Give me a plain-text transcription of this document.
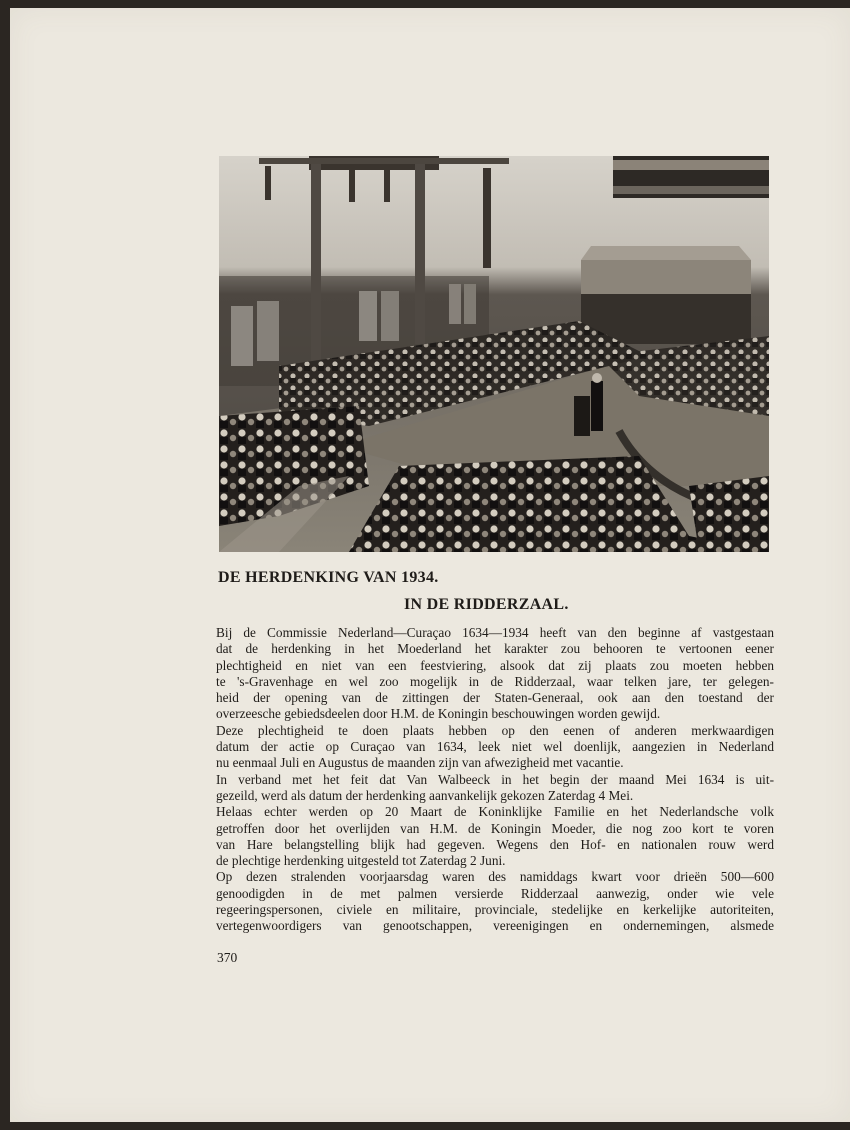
DE HERDENKING VAN 1934.
IN DE RIDDERZAAL.
Bij de Commissie Nederland—Curaçao 1634—1934 heeft van den beginne af vastgestaan
dat de herdenking in het Moederland het karakter zou behooren te vertoonen eener
plechtigheid en niet van een feestviering, alsook dat zij plaats zou moeten hebben
te 's-Gravenhage en wel zoo mogelijk in de Ridderzaal, waar telken jare, ter gelegen-
heid der opening van de zittingen der Staten-Generaal, ook aan den toestand der
overzeesche gebiedsdeelen door H.M. de Koningin beschouwingen worden gewijd.
Deze plechtigheid te doen plaats hebben op den eenen of anderen merkwaardigen
datum der actie op Curaçao van 1634, leek niet wel doenlijk, aangezien in Nederland
nu eenmaal Juli en Augustus de maanden zijn van afwezigheid met vacantie.
In verband met het feit dat Van Walbeeck in het begin der maand Mei 1634 is uit-
gezeild, werd als datum der herdenking aanvankelijk gekozen Zaterdag 4 Mei.
Helaas echter werden op 20 Maart de Koninklijke Familie en het Nederlandsche volk
getroffen door het overlijden van H.M. de Koningin Moeder, die nog zoo kort te voren
van Hare belangstelling blijk had gegeven. Wegens den Hof- en nationalen rouw werd
de plechtige herdenking uitgesteld tot Zaterdag 2 Juni.
Op dezen stralenden voorjaarsdag waren des namiddags kwart voor drieën 500—600
genoodigden in de met palmen versierde Ridderzaal aanwezig, onder wie vele
regeeringspersonen, civiele en militaire, provinciale, stedelijke en kerkelijke autoriteiten,
vertegenwoordigers van genootschappen, vereenigingen en ondernemingen, alsmede
370
